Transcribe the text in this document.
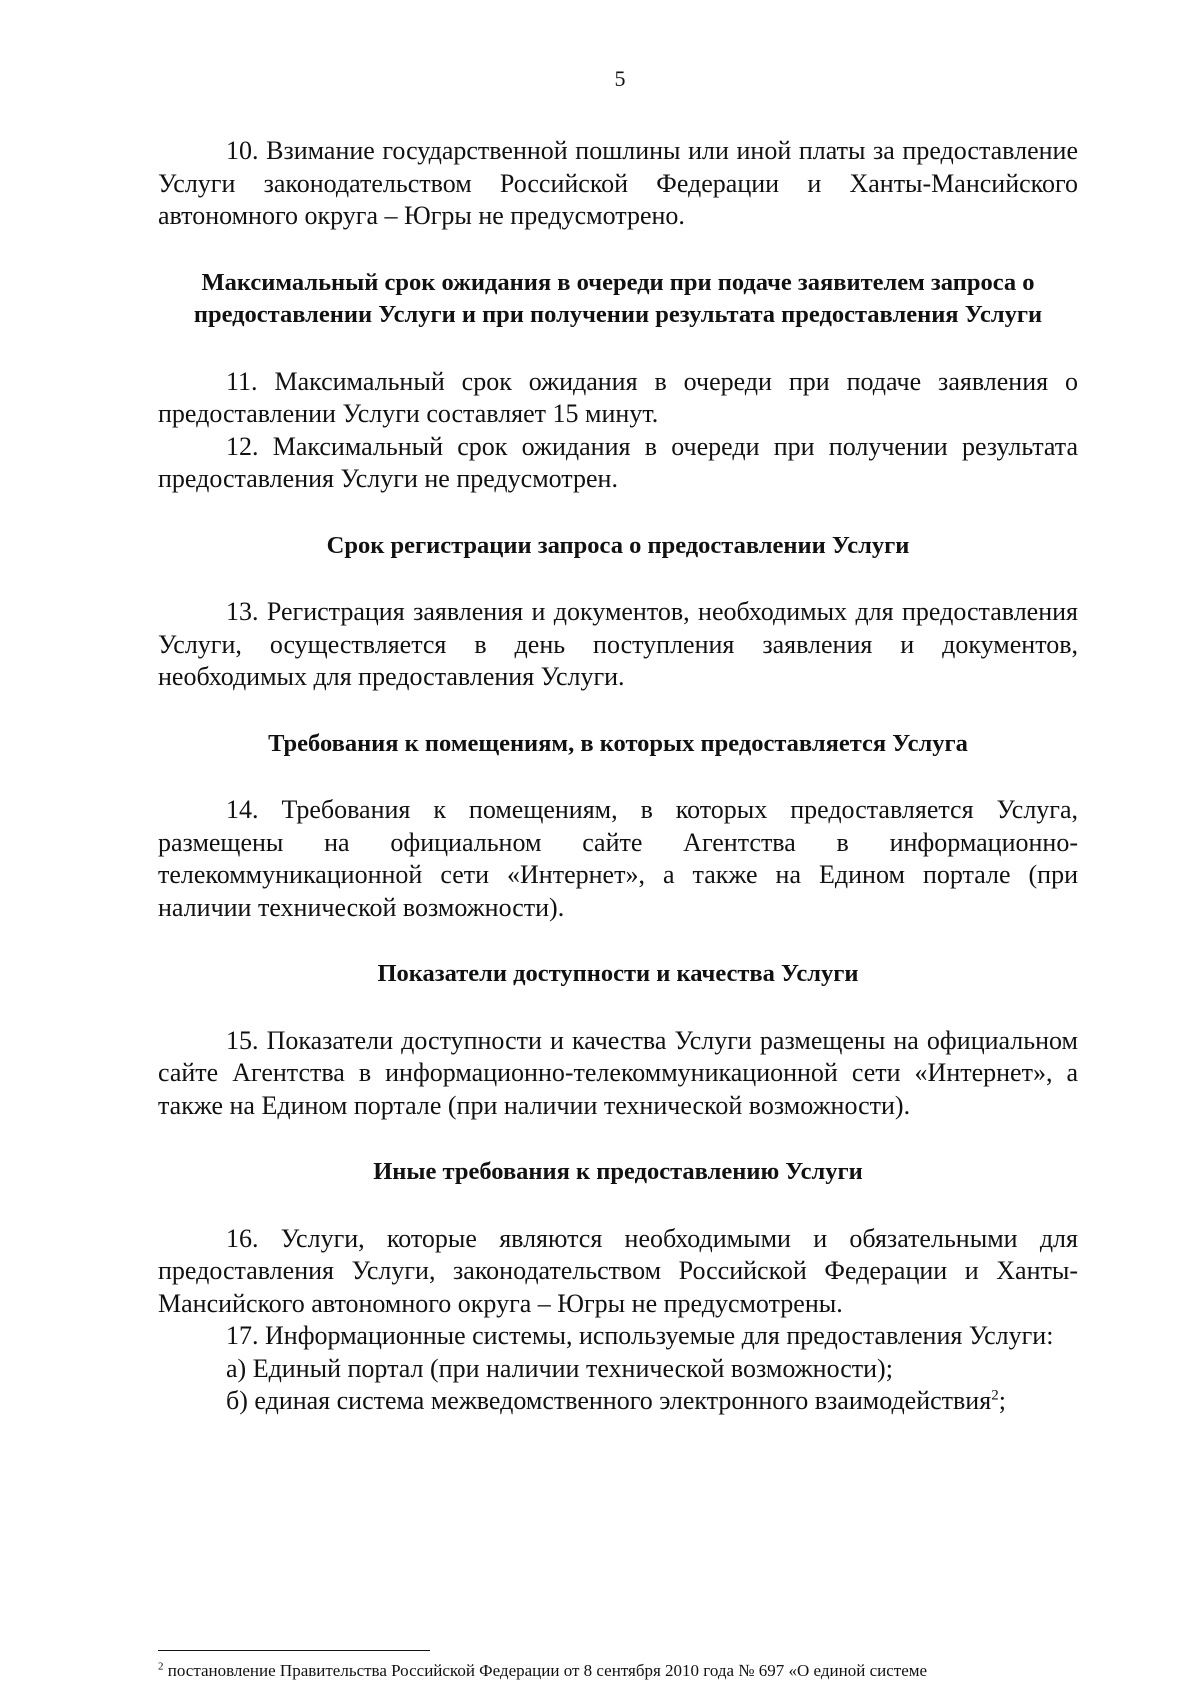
5

10. Взимание государственной пошлины или иной платы за предоставление Услуги законодательством Российской Федерации и Ханты-Мансийского автономного округа – Югры не предусмотрено.

Максимальный срок ожидания в очереди при подаче заявителем запроса о предоставлении Услуги и при получении результата предоставления Услуги

11. Максимальный срок ожидания в очереди при подаче заявления о предоставлении Услуги составляет 15 минут.

12. Максимальный срок ожидания в очереди при получении результата предоставления Услуги не предусмотрен.

Срок регистрации запроса о предоставлении Услуги

13. Регистрация заявления и документов, необходимых для предоставления Услуги, осуществляется в день поступления заявления и документов, необходимых для предоставления Услуги.

Требования к помещениям, в которых предоставляется Услуга

14. Требования к помещениям, в которых предоставляется Услуга, размещены на официальном сайте Агентства в информационно-телекоммуникационной сети «Интернет», а также на Едином портале (при наличии технической возможности).

Показатели доступности и качества Услуги

15. Показатели доступности и качества Услуги размещены на официальном сайте Агентства в информационно-телекоммуникационной сети «Интернет», а также на Едином портале (при наличии технической возможности).

Иные требования к предоставлению Услуги

16. Услуги, которые являются необходимыми и обязательными для предоставления Услуги, законодательством Российской Федерации и Ханты-Мансийского автономного округа – Югры не предусмотрены.

17. Информационные системы, используемые для предоставления Услуги:

а) Единый портал (при наличии технической возможности);

б) единая система межведомственного электронного взаимодействия$^2$;

$^2$ постановление Правительства Российской Федерации от 8 сентября 2010 года № 697 «О единой системе
